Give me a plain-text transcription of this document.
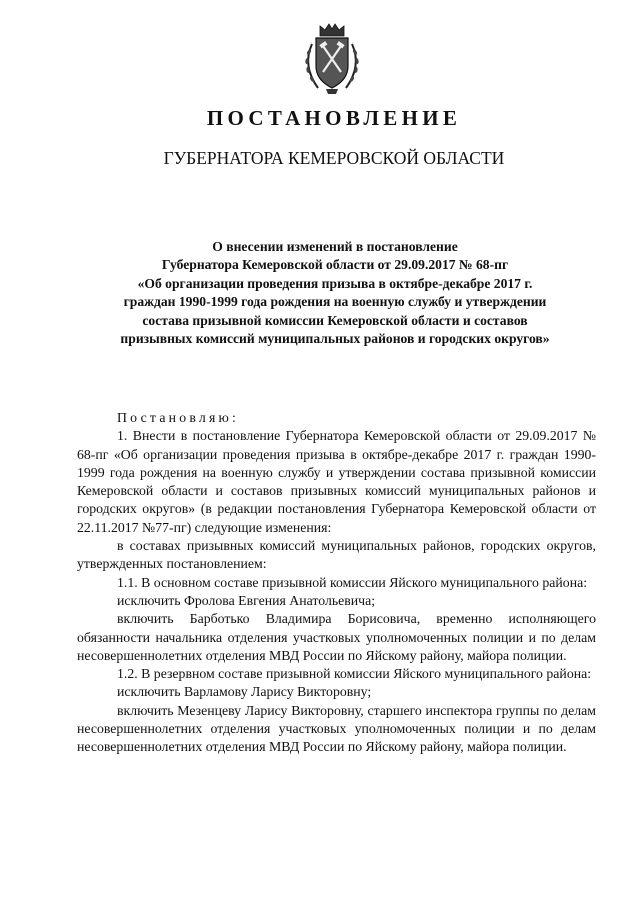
ПОСТАНОВЛЕНИЕ
ГУБЕРНАТОРА КЕМЕРОВСКОЙ ОБЛАСТИ
О внесении изменений в постановление
Губернатора Кемеровской области от 29.09.2017 № 68-пг
«Об организации проведения призыва в октябре-декабре 2017 г.
граждан 1990-1999 года рождения на военную службу и утверждении
состава призывной комиссии Кемеровской области и составов
призывных комиссий муниципальных районов и городских округов»

Постановляю:

1. Внести в постановление Губернатора Кемеровской области от 29.09.2017 № 68-пг «Об организации проведения призыва в октябре-декабре 2017 г. граждан 1990-1999 года рождения на военную службу и утверждении состава призывной комиссии Кемеровской области и составов призывных комиссий муниципальных районов и городских округов» (в редакции постановления Губернатора Кемеровской области от 22.11.2017 №77-пг) следующие изменения:

в составах призывных комиссий муниципальных районов, городских округов, утвержденных постановлением:

1.1. В основном составе призывной комиссии Яйского муниципального района:

исключить Фролова Евгения Анатольевича;

включить Барботько Владимира Борисовича, временно исполняющего обязанности начальника отделения участковых уполномоченных полиции и по делам несовершеннолетних отделения МВД России по Яйскому району, майора полиции.

1.2. В резервном составе призывной комиссии Яйского муниципального района:

исключить Варламову Ларису Викторовну;

включить Мезенцеву Ларису Викторовну, старшего инспектора группы по делам несовершеннолетних отделения участковых уполномоченных полиции и по делам несовершеннолетних отделения МВД России по Яйскому району, майора полиции.
